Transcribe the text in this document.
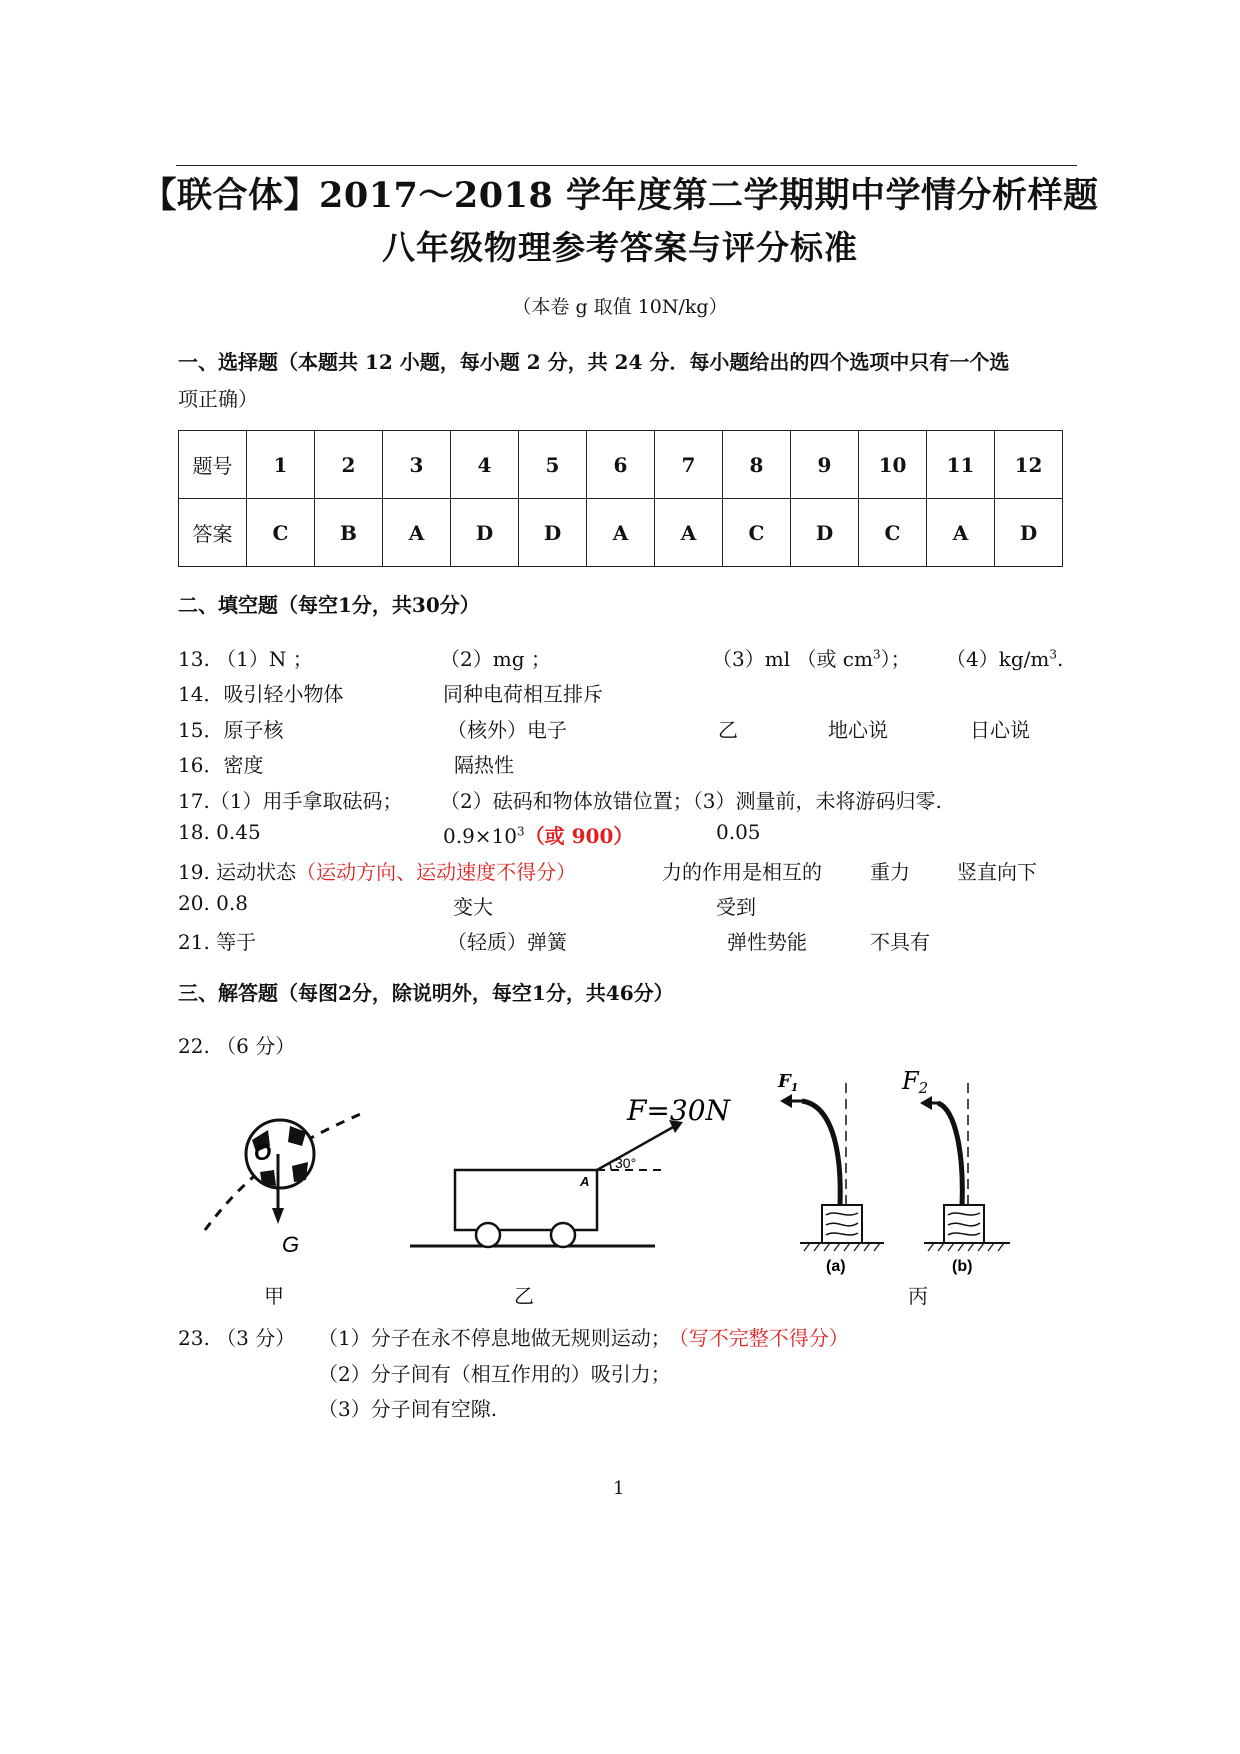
【联合体】2017～2018 学年度第二学期期中学情分析样题
八年级物理参考答案与评分标准
（本卷 g 取值 10N/kg）
一、选择题（本题共 12 小题，每小题 2 分，共 24 分．每小题给出的四个选项中只有一个选
项正确）
题号	1	2	3	4	5	6	7	8	9	10	11	12
答案	C	B	A	D	D	A	A	C	D	C	A	D
二、填空题（每空1分，共30分）
13. （1）N ；	（2）mg ；	（3）ml （或 $cm^3$）； $(4)kg/m^3$.
14．吸引轻小物体	同种电荷相互排斥
15．原子核	（核外）电子	乙	地心说	日心说
16．密度	隔热性
17.（1）用手拿取砝码； （2）砝码和物体放错位置；（3）测量前，未将游码归零.
18. 0.45	$0.9\times 10^3$（或 900）	0.05
19. 运动状态（运动方向、运动速度不得分）	力的作用是相互的 重力 竖直向下
20. 0.8	变大	受到
21. 等于	（轻质）弹簧	弹性势能	不具有
三、解答题（每图2分，除说明外，每空1分，共46分）
22. （6 分）
O
G
甲
30°
A
F=30N
乙
$F_1$
(a)
F2
(b)
丙
23. （3 分） （1）分子在永不停息地做无规则运动； （写不完整不得分）
（2）分子间有（相互作用的）吸引力；
（3）分子间有空隙.
1
